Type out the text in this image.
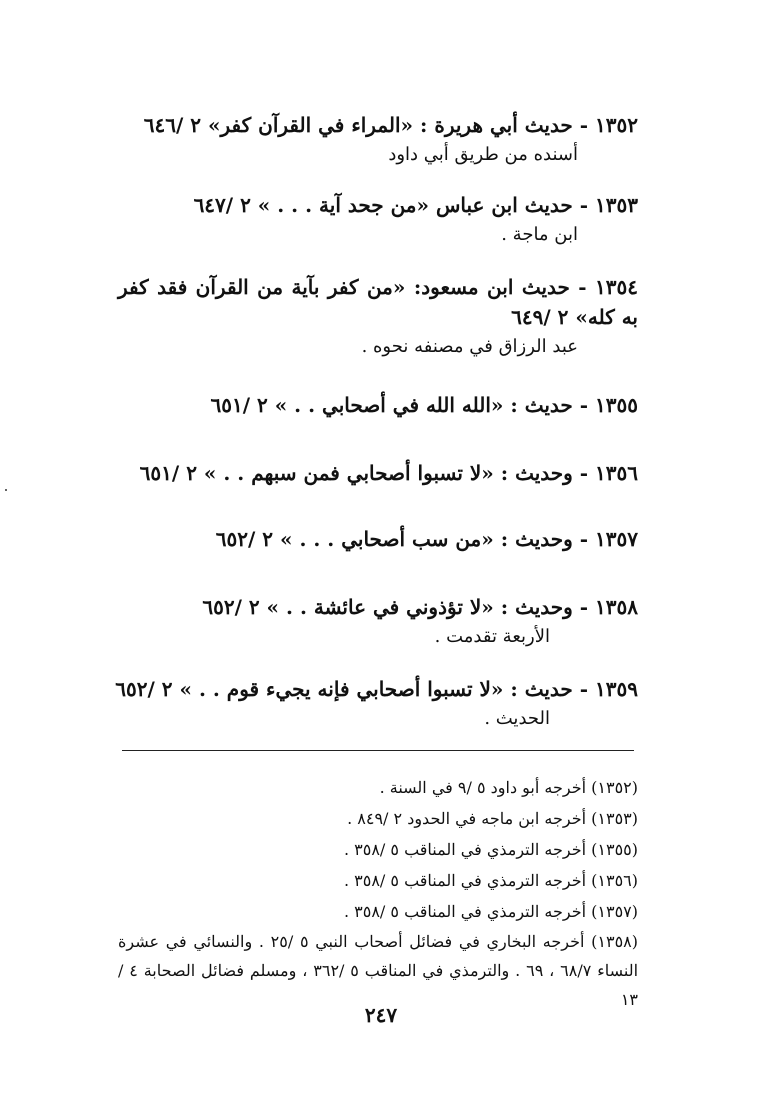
١٣٥٢ - حديث أبي هريرة : «المراء في القرآن كفر» ٢ /٦٤٦
أسنده من طريق أبي داود
١٣٥٣ - حديث ابن عباس «من جحد آية . . . » ٢ /٦٤٧
ابن ماجة .
١٣٥٤ - حديث ابن مسعود: «من كفر بآية من القرآن فقد كفر به كله» ٢ /٦٤٩
عبد الرزاق في مصنفه نحوه .
١٣٥٥ - حديث : «الله الله في أصحابي . . » ٢ /٦٥١
١٣٥٦ - وحديث : «لا تسبوا أصحابي فمن سبهم . . » ٢ /٦٥١
١٣٥٧ - وحديث : «من سب أصحابي . . . » ٢ /٦٥٢
١٣٥٨ - وحديث : «لا تؤذوني في عائشة . . » ٢ /٦٥٢
الأربعة تقدمت .
١٣٥٩ - حديث : «لا تسبوا أصحابي فإنه يجيء قوم . . » ٢ /٦٥٢
الحديث .
(١٣٥٢) أخرجه أبو داود ٥ /٩ في السنة .
(١٣٥٣) أخرجه ابن ماجه في الحدود ٢ /٨٤٩ .
(١٣٥٥) أخرجه الترمذي في المناقب ٥ /٣٥٨ .
(١٣٥٦) أخرجه الترمذي في المناقب ٥ /٣٥٨ .
(١٣٥٧) أخرجه الترمذي في المناقب ٥ /٣٥٨ .
(١٣٥٨) أخرجه البخاري في فضائل أصحاب النبي ٥ /٢٥ . والنسائي في عشرة النساء ٦٨/٧ ، ٦٩ . والترمذي في المناقب ٥ /٣٦٢ ، ومسلم فضائل الصحابة ٤ /١٣
٢٤٧
